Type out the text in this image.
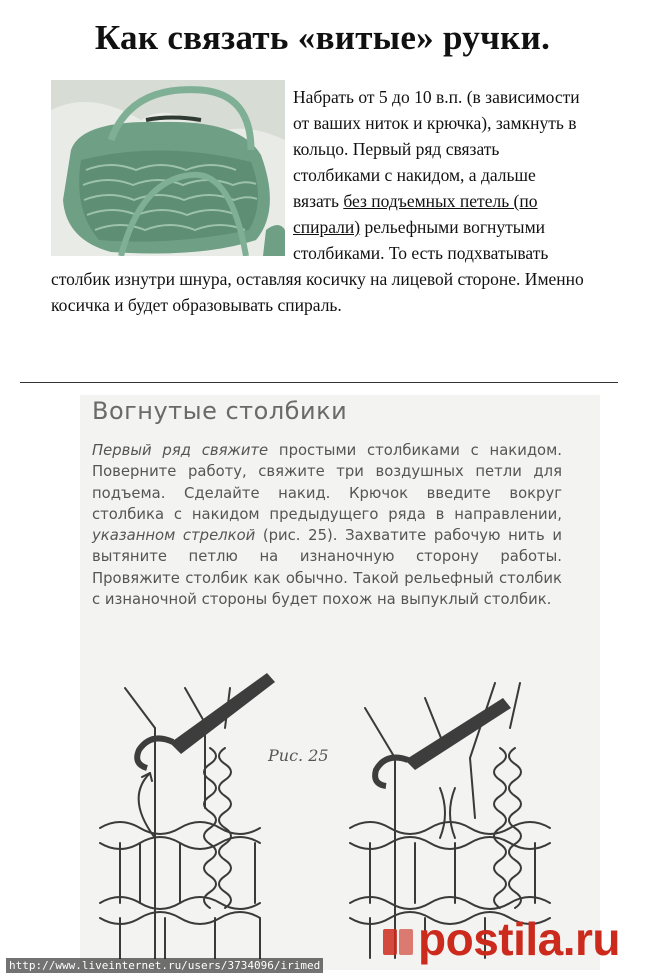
Как связать «витые» ручки.
Набрать от 5 до 10 в.п. (в зависимости от ваших ниток и крючка), замкнуть в кольцо. Первый ряд связать столбиками с накидом, а дальше вязать без подъемных петель (по спирали) рельефными вогнутыми столбиками. То есть подхватывать столбик изнутри шнура, оставляя косичку на лицевой стороне. Именно косичка и будет образовывать спираль.
Вогнутые столбики
Первый ряд свяжите простыми столбиками с накидом. Поверните работу, свяжите три воздушных петли для подъема. Сделайте накид. Крючок введите вокруг столбика с накидом предыдущего ряда в направлении, указанном стрелкой (рис. 25). Захватите рабочую нить и вытяните петлю на изнаночную сторону работы. Провяжите столбик как обычно. Такой рельефный столбик с изнаночной стороны будет похож на выпуклый столбик.
Рис. 25
postila.ru
http://www.liveinternet.ru/users/3734096/irimed
